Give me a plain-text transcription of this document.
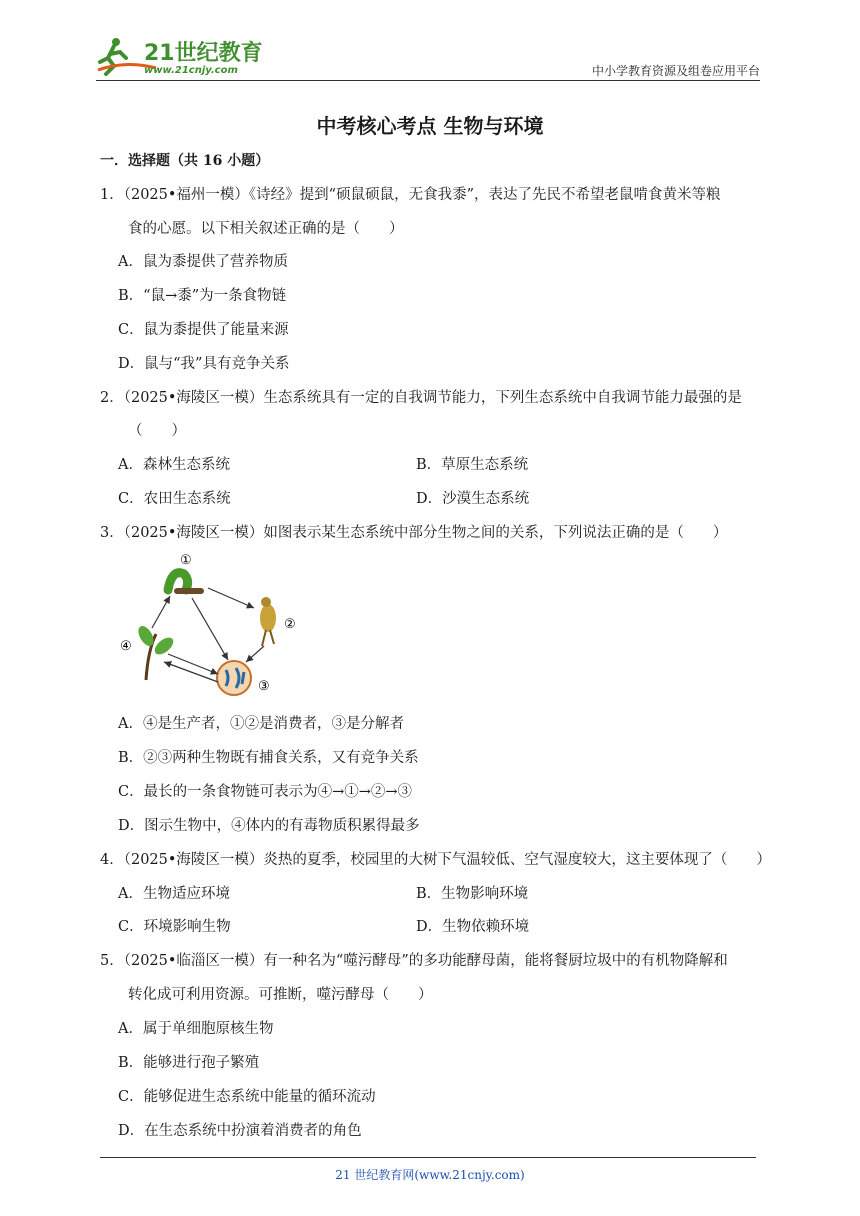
21世纪教育
www.21cnjy.com	中小学教育资源及组卷应用平台
中考核心考点 生物与环境
一．选择题（共 16 小题）
1．（2025•福州一模）《诗经》提到“硕鼠硕鼠，无食我黍”，表达了先民不希望老鼠啃食黄米等粮
食的心愿。以下相关叙述正确的是（　　）
A．鼠为黍提供了营养物质
B．“鼠→黍”为一条食物链
C．鼠为黍提供了能量来源
D．鼠与“我”具有竞争关系
2．（2025•海陵区一模）生态系统具有一定的自我调节能力，下列生态系统中自我调节能力最强的是
（　　）
A．森林生态系统	B．草原生态系统
C．农田生态系统	D．沙漠生态系统
3．（2025•海陵区一模）如图表示某生态系统中部分生物之间的关系，下列说法正确的是（　　）
①
②
③
④
A．④是生产者，①②是消费者，③是分解者
B．②③两种生物既有捕食关系，又有竞争关系
C．最长的一条食物链可表示为④→①→②→③
D．图示生物中，④体内的有毒物质积累得最多
4．（2025•海陵区一模）炎热的夏季，校园里的大树下气温较低、空气湿度较大，这主要体现了（　　）
A．生物适应环境	B．生物影响环境
C．环境影响生物	D．生物依赖环境
5．（2025•临淄区一模）有一种名为“噬污酵母”的多功能酵母菌，能将餐厨垃圾中的有机物降解和
转化成可利用资源。可推断，噬污酵母（　　）
A．属于单细胞原核生物
B．能够进行孢子繁殖
C．能够促进生态系统中能量的循环流动
D．在生态系统中扮演着消费者的角色
21 世纪教育网(www.21cnjy.com)
